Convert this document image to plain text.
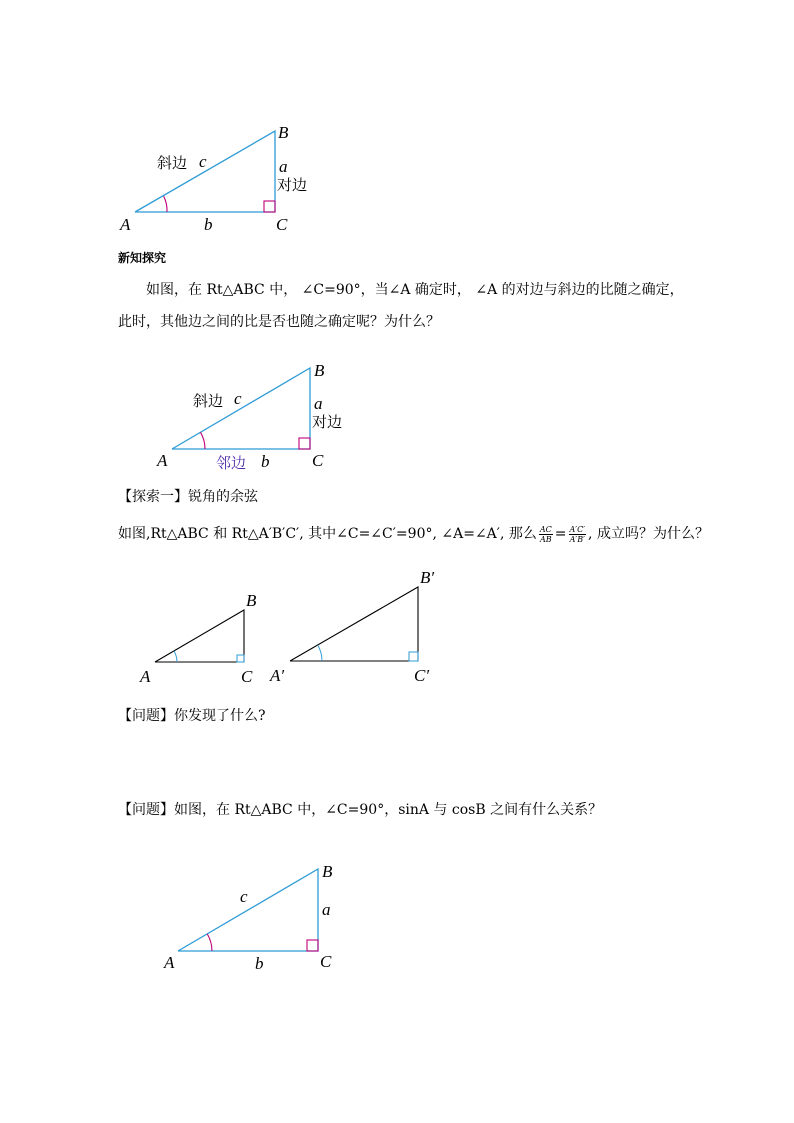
A
B
C
斜边 c	a
对边
b
新知探究
如图，在 Rt△ABC 中， ∠C=90°，当∠A 确定时， ∠A 的对边与斜边的比随之确定，
此时，其他边之间的比是否也随之确定呢？为什么？
A
B
C
斜边 c	a
对边
邻边 b
【探索一】锐角的余弦
如图,Rt△ABC 和 Rt△A′B′C′, 其中∠C=∠C′=90°, ∠A=∠A′, 那么 $\frac{AC}{AB} = \frac{A'C'}{A'B'}$ , 成立吗？为什么？
A
B
C A′
B′
C′
【问题】你发现了什么?
【问题】如图，在 Rt△ABC 中，∠C=90°，sinA 与 cosB 之间有什么关系？
A
B
C
c
a
b
